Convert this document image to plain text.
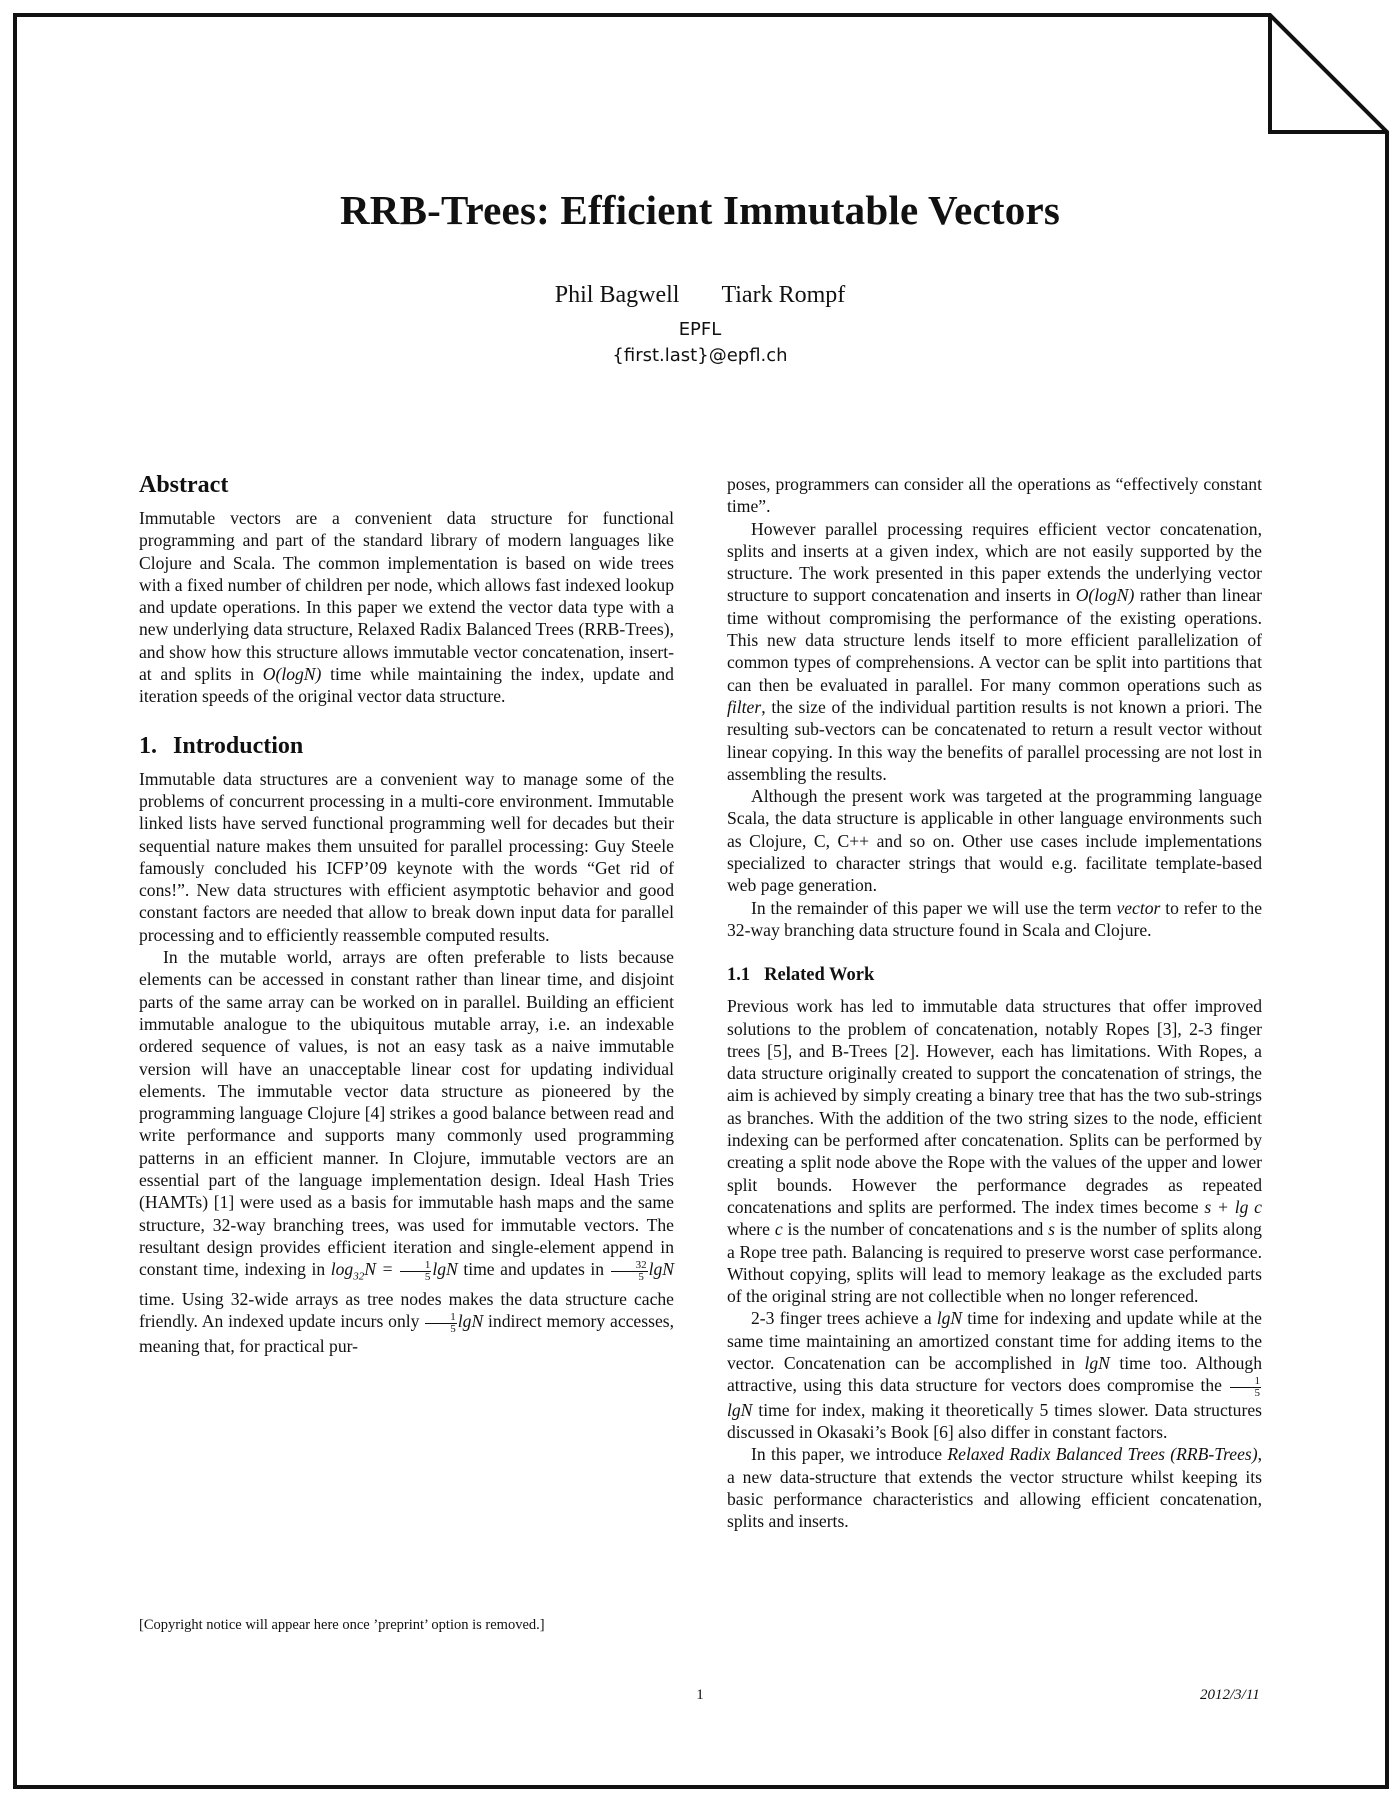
RRB-Trees: Efficient Immutable Vectors
Phil Bagwell Tiark Rompf
EPFL
{first.last}@epfl.ch
Abstract

Immutable vectors are a convenient data structure for functional programming and part of the standard library of modern languages like Clojure and Scala. The common implementation is based on wide trees with a fixed number of children per node, which allows fast indexed lookup and update operations. In this paper we extend the vector data type with a new underlying data structure, Relaxed Radix Balanced Trees (RRB-Trees), and show how this structure allows immutable vector concatenation, insert-at and splits in O(logN) time while maintaining the index, update and iteration speeds of the original vector data structure.

1. Introduction

Immutable data structures are a convenient way to manage some of the problems of concurrent processing in a multi-core environment. Immutable linked lists have served functional programming well for decades but their sequential nature makes them unsuited for parallel processing: Guy Steele famously concluded his ICFP’09 keynote with the words “Get rid of cons!”. New data structures with efficient asymptotic behavior and good constant factors are needed that allow to break down input data for parallel processing and to efficiently reassemble computed results.

In the mutable world, arrays are often preferable to lists because elements can be accessed in constant rather than linear time, and disjoint parts of the same array can be worked on in parallel. Building an efficient immutable analogue to the ubiquitous mutable array, i.e. an indexable ordered sequence of values, is not an easy task as a naive immutable version will have an unacceptable linear cost for updating individual elements. The immutable vector data structure as pioneered by the programming language Clojure [4] strikes a good balance between read and write performance and supports many commonly used programming patterns in an efficient manner. In Clojure, immutable vectors are an essential part of the language implementation design. Ideal Hash Tries (HAMTs) [1] were used as a basis for immutable hash maps and the same structure, 32-way branching trees, was used for immutable vectors. The resultant design provides efficient iteration and single-element append in constant time, indexing in $\log_{32}N = \frac{1}{5}$ lgN time and updates in $\frac{32}{5}$ lgN time. Using 32-wide arrays as tree nodes makes the data structure cache friendly. An indexed update incurs only $\frac{1}{5}$ lgN indirect memory accesses, meaning that, for practical pur-

poses, programmers can consider all the operations as “effectively constant time”.

However parallel processing requires efficient vector concatenation, splits and inserts at a given index, which are not easily supported by the structure. The work presented in this paper extends the underlying vector structure to support concatenation and inserts in O(logN) rather than linear time without compromising the performance of the existing operations. This new data structure lends itself to more efficient parallelization of common types of comprehensions. A vector can be split into partitions that can then be evaluated in parallel. For many common operations such as filter, the size of the individual partition results is not known a priori. The resulting sub-vectors can be concatenated to return a result vector without linear copying. In this way the benefits of parallel processing are not lost in assembling the results.

Although the present work was targeted at the programming language Scala, the data structure is applicable in other language environments such as Clojure, C, C++ and so on. Other use cases include implementations specialized to character strings that would e.g. facilitate template-based web page generation.

In the remainder of this paper we will use the term vector to refer to the 32-way branching data structure found in Scala and Clojure.

1.1 Related Work

Previous work has led to immutable data structures that offer improved solutions to the problem of concatenation, notably Ropes [3], 2-3 finger trees [5], and B-Trees [2]. However, each has limitations. With Ropes, a data structure originally created to support the concatenation of strings, the aim is achieved by simply creating a binary tree that has the two sub-strings as branches. With the addition of the two string sizes to the node, efficient indexing can be performed after concatenation. Splits can be performed by creating a split node above the Rope with the values of the upper and lower split bounds. However the performance degrades as repeated concatenations and splits are performed. The index times become s + lg c where c is the number of concatenations and s is the number of splits along a Rope tree path. Balancing is required to preserve worst case performance. Without copying, splits will lead to memory leakage as the excluded parts of the original string are not collectible when no longer referenced.

2-3 finger trees achieve a lgN time for indexing and update while at the same time maintaining an amortized constant time for adding items to the vector. Concatenation can be accomplished in lgN time too. Although attractive, using this data structure for vectors does compromise the $\frac{1}{5}$
lgN time for index, making it theoretically 5 times slower. Data structures discussed in Okasaki’s Book [6] also differ in constant factors.

In this paper, we introduce Relaxed Radix Balanced Trees (RRB-Trees), a new data-structure that extends the vector structure whilst keeping its basic performance characteristics and allowing efficient concatenation, splits and inserts.

[Copyright notice will appear here once ’preprint’ option is removed.]
1	2012/3/11
